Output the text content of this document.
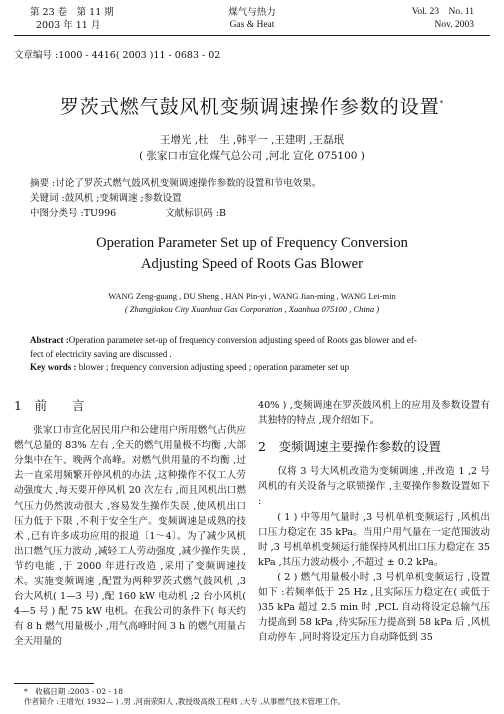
第 23 卷　第 11 期
2003 年 11 月
煤气与热力
Gas & Heat
Vol. 23　No. 11
Nov. 2003
文章编号 :1000 - 4416( 2003 )11 - 0683 - 02
罗茨式燃气鼓风机变频调速操作参数的设置*
王增光 ,杜　生 ,韩平一 ,王建明 ,王磊珉
( 张家口市宣化煤气总公司 ,河北 宣化 075100 )
摘要 :讨论了罗茨式燃气鼓风机变频调速操作参数的设置和节电效果。
关键词 :鼓风机 ;变频调速 ;参数设置
中图分类号 :TU996	文献标识码 :B
Operation Parameter Set up of Frequency Conversion
Adjusting Speed of Roots Gas Blower
WANG Zeng-guang , DU Sheng , HAN Pin-yi , WANG Jian-ming , WANG Lei-min
( Zhangjiakou City Xuanhua Gas Corporation , Xuanhua 075100 , China )
Abstract :Operation parameter set-up of frequency conversion adjusting speed of Roots gas blower and ef-
fect of electricity saving are discussed .
Key words : blower ; frequency conversion adjusting speed ; operation parameter set up
1　前　　言

张家口市宣化居民用户和公建用户所用燃气占供应燃气总量的 83% 左右 ,全天的燃气用量极不均衡 ,大部分集中在午、晚两个高峰。对燃气供用量的不均衡 ,过去一直采用频繁开停风机的办法 ,这种操作不仅工人劳动强度大 ,每天要开停风机 20 次左右 ,而且风机出口燃气压力仍然波动很大 ,容易发生操作失误 ,使风机出口压力低于下限 ,不利于安全生产。变频调速是成熟的技术 ,已有许多成功应用的报道〔1～4〕。为了减少风机出口燃气压力波动 ,减轻工人劳动强度 ,减少操作失误 ,节约电能 ,于 2000 年进行改造 ,采用了变频调速技术。实施变频调速 ,配置为两种罗茨式燃气鼓风机 ,3 台大风机( 1—3 号) ,配 160 kW 电动机 ;2 台小风机( 4—5 号 ) 配 75 kW 电机。在我公司的条件下( 每天约有 8 h 燃气用量极小 ,用气高峰时间 3 h 的燃气用量占全天用量的

40% ) ,变频调速在罗茨鼓风机上的应用及参数设置有其独特的特点 ,现介绍如下。

2　变频调速主要操作参数的设置

仅将 3 号大风机改造为变频调速 ,并改造 1 ,2 号风机的有关设备与之联锁操作 ,主要操作参数设置如下 :

( 1 ) 中等用气量时 ,3 号机单机变频运行 ,风机出口压力稳定在 35 kPa。当用户用气量在一定范围波动时 ,3 号机单机变频运行能保持风机出口压力稳定在 35 kPa ,其压力波动极小 ,不超过 ± 0.2 kPa。

( 2 ) 燃气用量极小时 ,3 号机单机变频运行 ,设置如下 :若频率低于 25 Hz ,且实际压力稳定在( 或低于 )35 kPa 超过 2.5 min 时 ,PCL 自动将设定总输气压力提高到 58 kPa ,待实际压力提高到 58 kPa 后 ,风机自动停车 ,同时将设定压力自动降低到 35

*　收稿日期 :2003 - 02 - 18
作者简介 :王增光( 1932— ) ,男 ,河南荥阳人 ,教授级高级工程师 ,大专 ,从事燃气技术管理工作。
